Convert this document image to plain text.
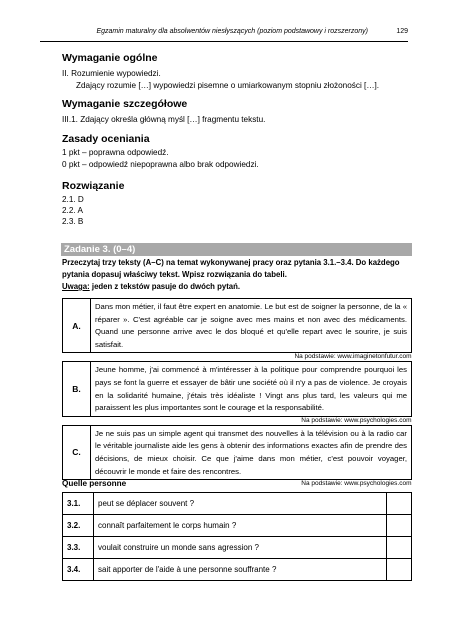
Egzamin maturalny dla absolwentów niesłyszących (poziom podstawowy i rozszerzony)	129
Wymaganie ogólne
II. Rozumienie wypowiedzi.
Zdający rozumie […] wypowiedzi pisemne o umiarkowanym stopniu złożoności […].
Wymaganie szczegółowe
III.1. Zdający określa główną myśl […] fragmentu tekstu.
Zasady oceniania
1 pkt – poprawna odpowiedź.
0 pkt – odpowiedź niepoprawna albo brak odpowiedzi.
Rozwiązanie
2.1. D
2.2. A
2.3. B
Zadanie 3. (0–4)
Przeczytaj trzy teksty (A–C) na temat wykonywanej pracy oraz pytania 3.1.–3.4. Do każdego
pytania dopasuj właściwy tekst. Wpisz rozwiązania do tabeli.
Uwaga: jeden z tekstów pasuje do dwóch pytań.
A.	Dans mon métier, il faut être expert en anatomie. Le but est de soigner la personne, de la « réparer ». C'est agréable car je soigne avec mes mains et non avec des médicaments. Quand une personne arrive avec le dos bloqué et qu'elle repart avec le sourire, je suis satisfait.
Na podstawie: www.imaginetonfutur.com	
B.	Jeune homme, j'ai commencé à m'intéresser à la politique pour comprendre pourquoi les pays se font la guerre et essayer de bâtir une société où il n'y a pas de violence. Je croyais en la solidarité humaine, j'étais très idéaliste ! Vingt ans plus tard, les valeurs qui me paraissent les plus importantes sont le courage et la responsabilité.
Na podstawie: www.psychologies.com	
C.	Je ne suis pas un simple agent qui transmet des nouvelles à la télévision ou à la radio car le véritable journaliste aide les gens à obtenir des informations exactes afin de prendre des décisions, de mieux choisir. Ce que j'aime dans mon métier, c'est pouvoir voyager, découvrir le monde et faire des rencontres.
Na podstawie: www.psychologies.com	
Quelle personne
3.1.	peut se déplacer souvent ?	
3.2.	connaît parfaitement le corps humain ?	
3.3.	voulait construire un monde sans agression ?	
3.4.	sait apporter de l'aide à une personne souffrante ?	
